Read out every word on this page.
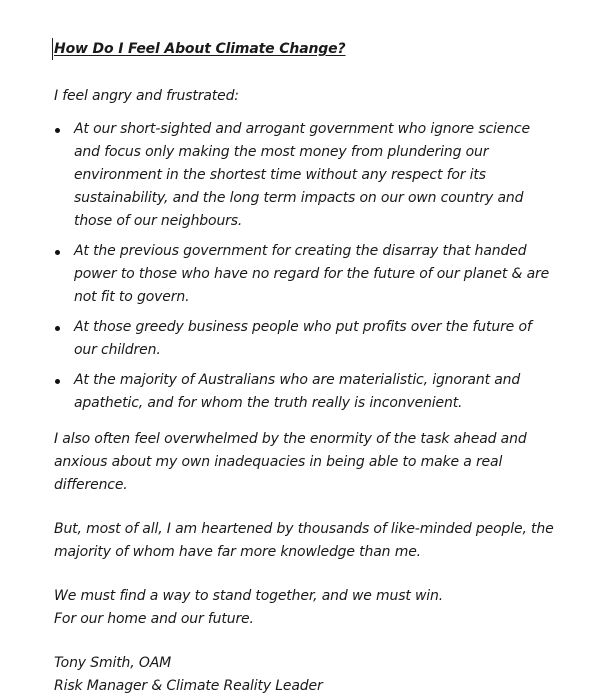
How Do I Feel About Climate Change?

I feel angry and frustrated:

At our short-sighted and arrogant government who ignore science and focus only making the most money from plundering our environment in the shortest time without any respect for its sustainability, and the long term impacts on our own country and those of our neighbours.
At the previous government for creating the disarray that handed power to those who have no regard for the future of our planet & are not fit to govern.
At those greedy business people who put profits over the future of our children.
At the majority of Australians who are materialistic, ignorant and apathetic, and for whom the truth really is inconvenient.

I also often feel overwhelmed by the enormity of the task ahead and anxious about my own inadequacies in being able to make a real difference.

But, most of all, I am heartened by thousands of like-minded people, the majority of whom have far more knowledge than me.

We must find a way to stand together, and we must win.

For our home and our future.

Tony Smith, OAM

Risk Manager & Climate Reality Leader
